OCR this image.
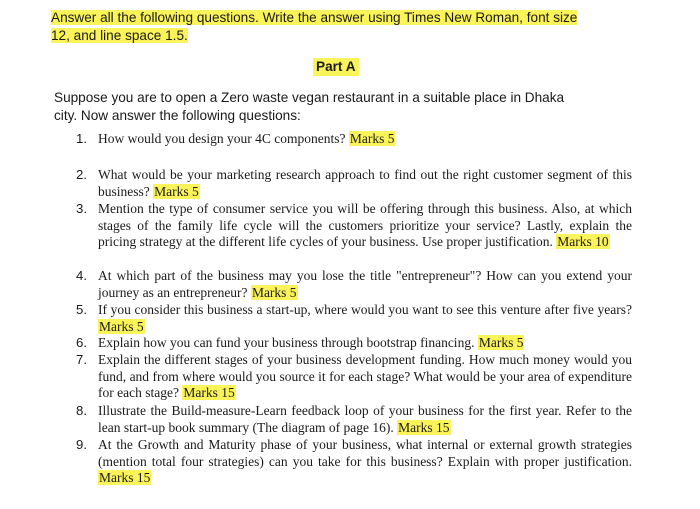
Answer all the following questions. Write the answer using Times New Roman, font size
12, and line space 1.5.
Part A
Suppose you are to open a Zero waste vegan restaurant in a suitable place in Dhaka
city. Now answer the following questions:
1. How would you design your 4C components? Marks 5
2. What would be your marketing research approach to find out the right customer segment of this business? Marks 5
3. Mention the type of consumer service you will be offering through this business. Also, at which stages of the family life cycle will the customers prioritize your service? Lastly, explain the pricing strategy at the different life cycles of your business. Use proper justification. Marks 10
4. At which part of the business may you lose the title "entrepreneur"? How can you extend your journey as an entrepreneur? Marks 5
5. If you consider this business a start-up, where would you want to see this venture after five years? Marks 5
6. Explain how you can fund your business through bootstrap financing. Marks 5
7. Explain the different stages of your business development funding. How much money would you fund, and from where would you source it for each stage? What would be your area of expenditure for each stage? Marks 15
8. Illustrate the Build-measure-Learn feedback loop of your business for the first year. Refer to the lean start-up book summary (The diagram of page 16). Marks 15
9. At the Growth and Maturity phase of your business, what internal or external growth strategies (mention total four strategies) can you take for this business? Explain with proper justification. Marks 15
